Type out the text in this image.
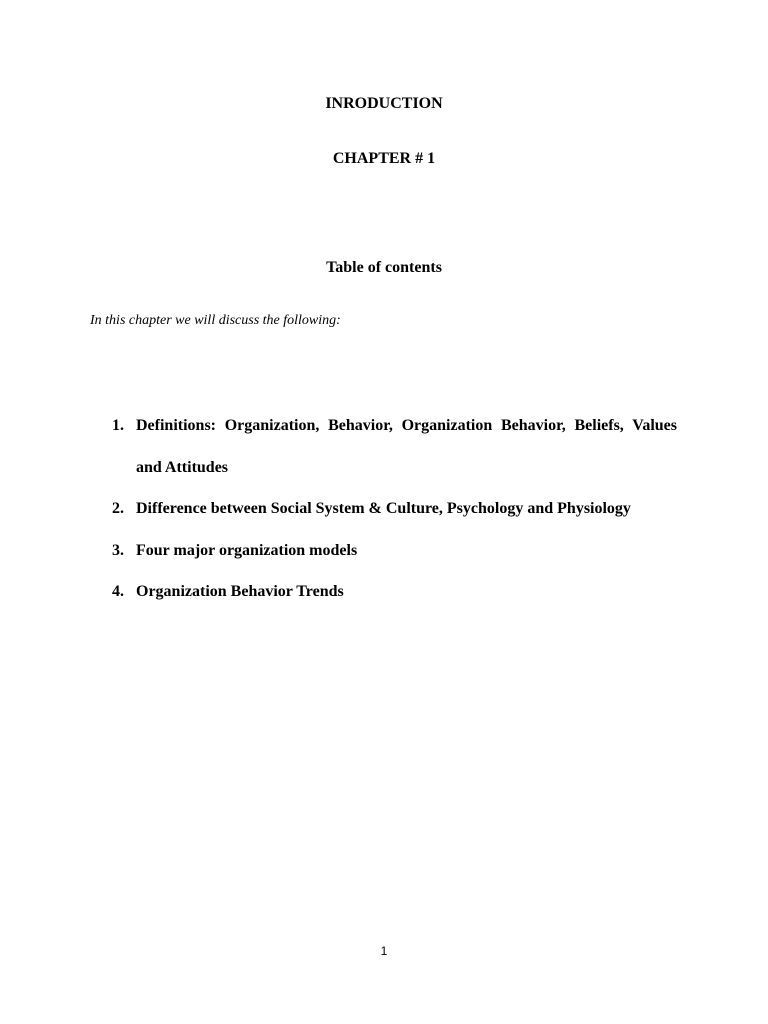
INRODUCTION
CHAPTER # 1
Table of contents
In this chapter we will discuss the following:
1. Definitions: Organization, Behavior, Organization Behavior, Beliefs, Values and Attitudes
2. Difference between Social System & Culture, Psychology and Physiology
3. Four major organization models
4. Organization Behavior Trends
1
